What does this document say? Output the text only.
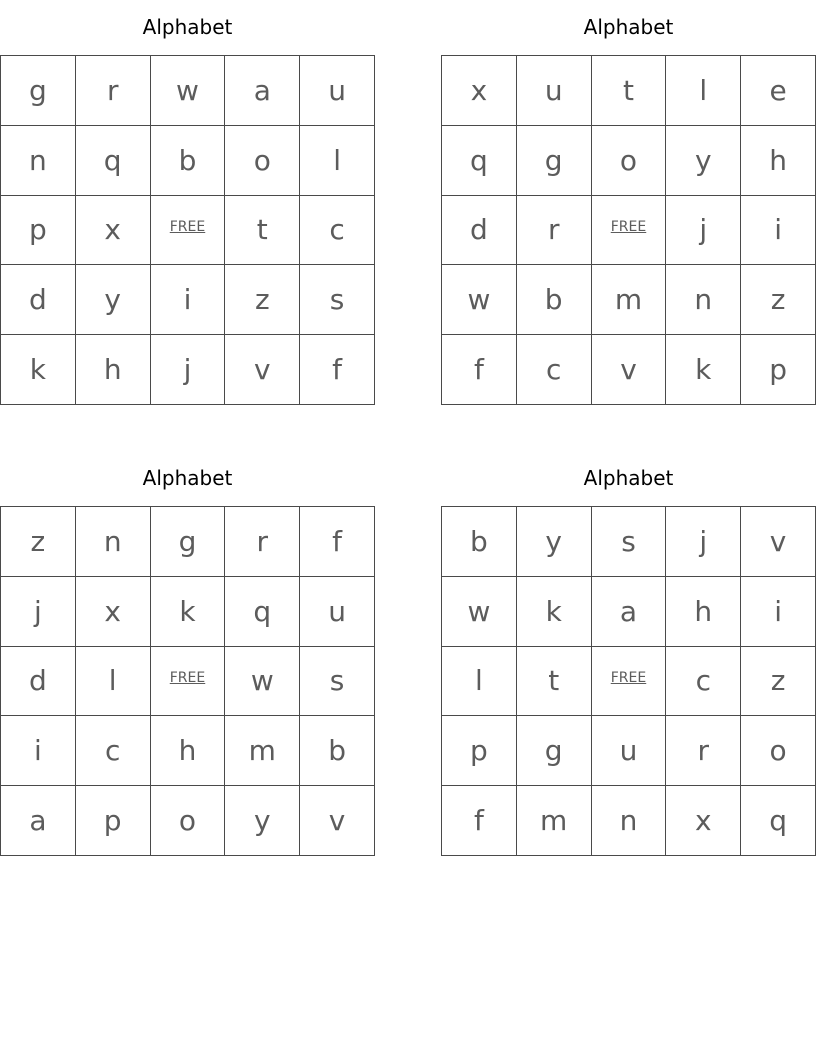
Alphabet
g	r	w	a	u
n	q	b	o	l
p	x	FREE	t	c
d	y	i	z	s
k	h	j	v	f
Alphabet
x	u	t	l	e
q	g	o	y	h
d	r	FREE	j	i
w	b	m	n	z
f	c	v	k	p
Alphabet
z	n	g	r	f
j	x	k	q	u
d	l	FREE	w	s
i	c	h	m	b
a	p	o	y	v
Alphabet
b	y	s	j	v
w	k	a	h	i
l	t	FREE	c	z
p	g	u	r	o
f	m	n	x	q
